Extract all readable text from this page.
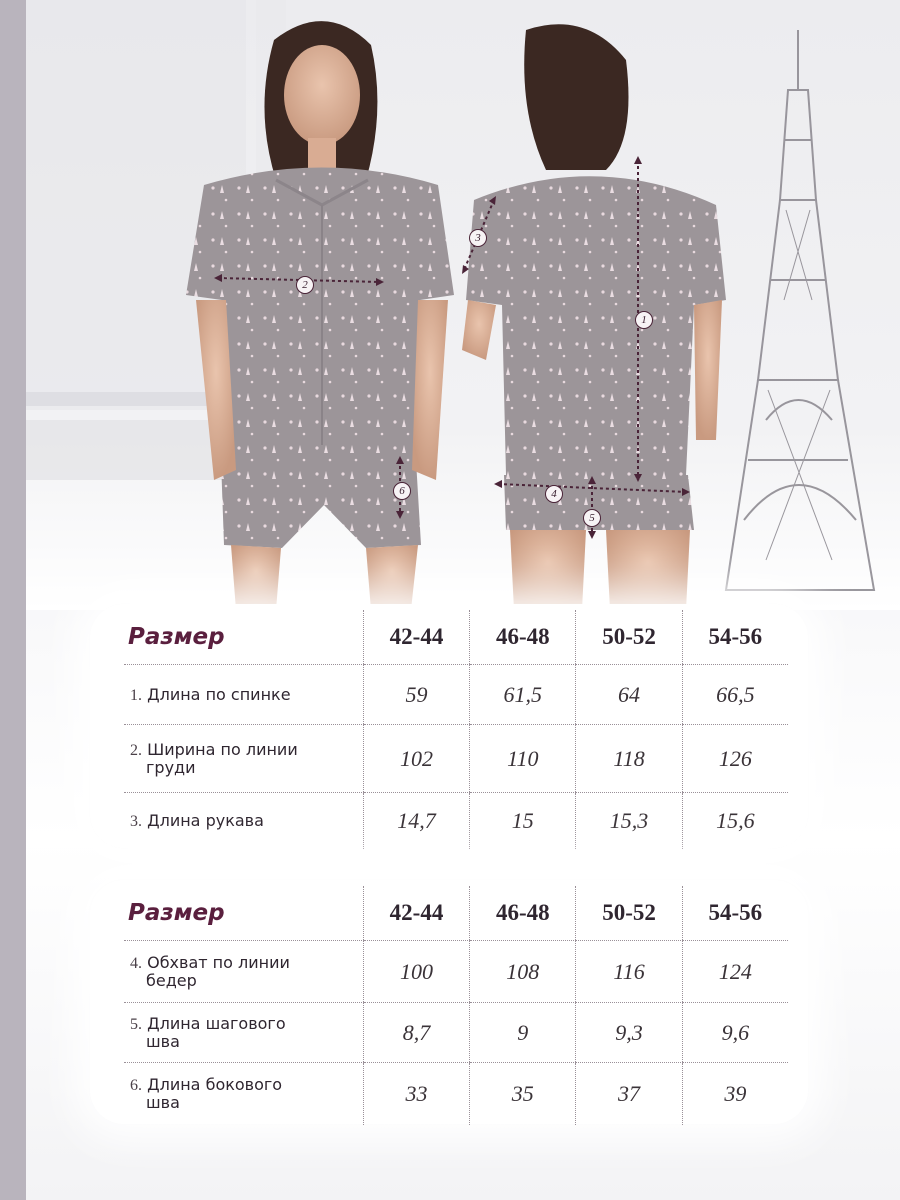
1
2
3
4
5
6
Размер	42-44	46-48	50-52	54-56
1. Длина по спинке	59	61,5	64	66,5
2. Ширина по линии
груди	102	110	118	126
3. Длина рукава	14,7	15	15,3	15,6
Размер	42-44	46-48	50-52	54-56
4. Обхват по линии
бедер	100	108	116	124
5. Длина шагового
шва	8,7	9	9,3	9,6
6. Длина бокового
шва	33	35	37	39
